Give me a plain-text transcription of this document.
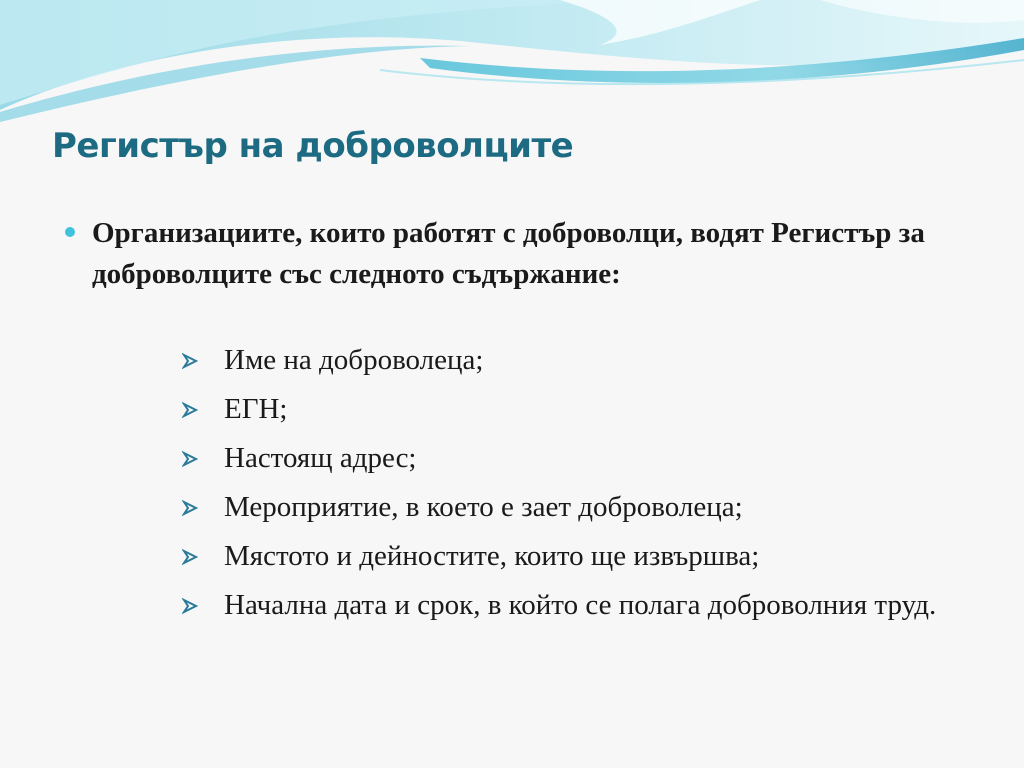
Регистър на доброволците
Организациите, които работят с доброволци, водят Регистър за доброволците със следното съдържание:
Име на доброволеца;
ЕГН;
Настоящ адрес;
Мероприятие, в което е зает доброволеца;
Мястото и дейностите, които ще извършва;
Начална дата и срок, в който се полага доброволния труд.
